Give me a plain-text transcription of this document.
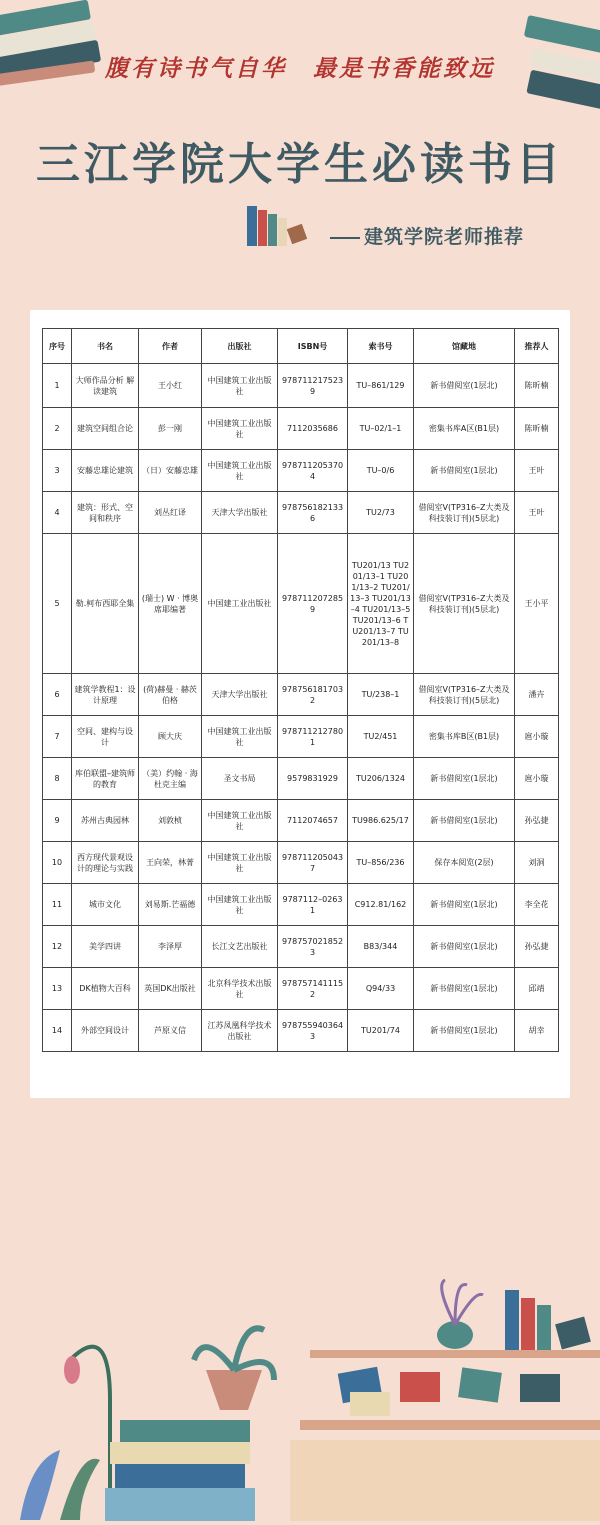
腹有诗书气自华　最是书香能致远
三江学院大学生必读书目
建筑学院老师推荐
序号	书名	作者	出版社	ISBN号	索书号	馆藏地	推荐人
1	大师作品分析 解读建筑	王小红	中国建筑工业出版社	9787112175239	TU–861/129	新书借阅室(1层北)	陈昕楠
2	建筑空间组合论	彭一刚	中国建筑工业出版社	7112035686	TU–02/1–1	密集书库A区(B1层)	陈昕楠
3	安藤忠雄论建筑	（日）安藤忠雄	中国建筑工业出版社	9787112053704	TU–0/6	新书借阅室(1层北)	王叶
4	建筑：形式、空间和秩序	刘丛红译	天津大学出版社	9787561821336	TU2/73	借阅室Ⅴ(TP316–Z大类及科技装订刊)(5层北)	王叶
5	勒.柯布西耶全集	(瑞士) W · 博奥席耶编著	中国建工业出版社	9787112072859	TU201/13 TU201/13–1 TU201/13–2 TU201/13–3 TU201/13–4 TU201/13–5 TU201/13–6 TU201/13–7 TU201/13–8	借阅室Ⅴ(TP316–Z大类及科技装订刊)(5层北)	王小平
6	建筑学教程1：设计原理	(荷)赫曼 · 赫茨伯格	天津大学出版社	9787561817032	TU/238–1	借阅室Ⅴ(TP316–Z大类及科技装订刊)(5层北)	潘卉
7	空间、建构与设计	顾大庆	中国建筑工业出版社	9787112127801	TU2/451	密集书库B区(B1层)	扈小璇
8	库伯联盟–建筑师的教育	（美）约翰 · 海杜克主编	圣文书局	9579831929	TU206/1324	新书借阅室(1层北)	扈小璇
9	苏州古典园林	刘敦桢	中国建筑工业出版社	7112074657	TU986.625/17	新书借阅室(1层北)	孙弘捷
10	西方现代景观设计的理论与实践	王向荣，林菁	中国建筑工业出版社	9787112050437	TU–856/236	保存本阅览(2层)	刘洞
11	城市文化	刘易斯.芒福德	中国建筑工业出版社	9787112–02631	C912.81/162	新书借阅室(1层北)	李全花
12	美学四讲	李泽厚	长江文艺出版社	9787570218523	B83/344	新书借阅室(1层北)	孙弘捷
13	DK植物大百科	英国DK出版社	北京科学技术出版社	9787571411152	Q94/33	新书借阅室(1层北)	邱靖
14	外部空间设计	芦原义信	江苏凤凰科学技术出版社	9787559403643	TU201/74	新书借阅室(1层北)	胡幸
